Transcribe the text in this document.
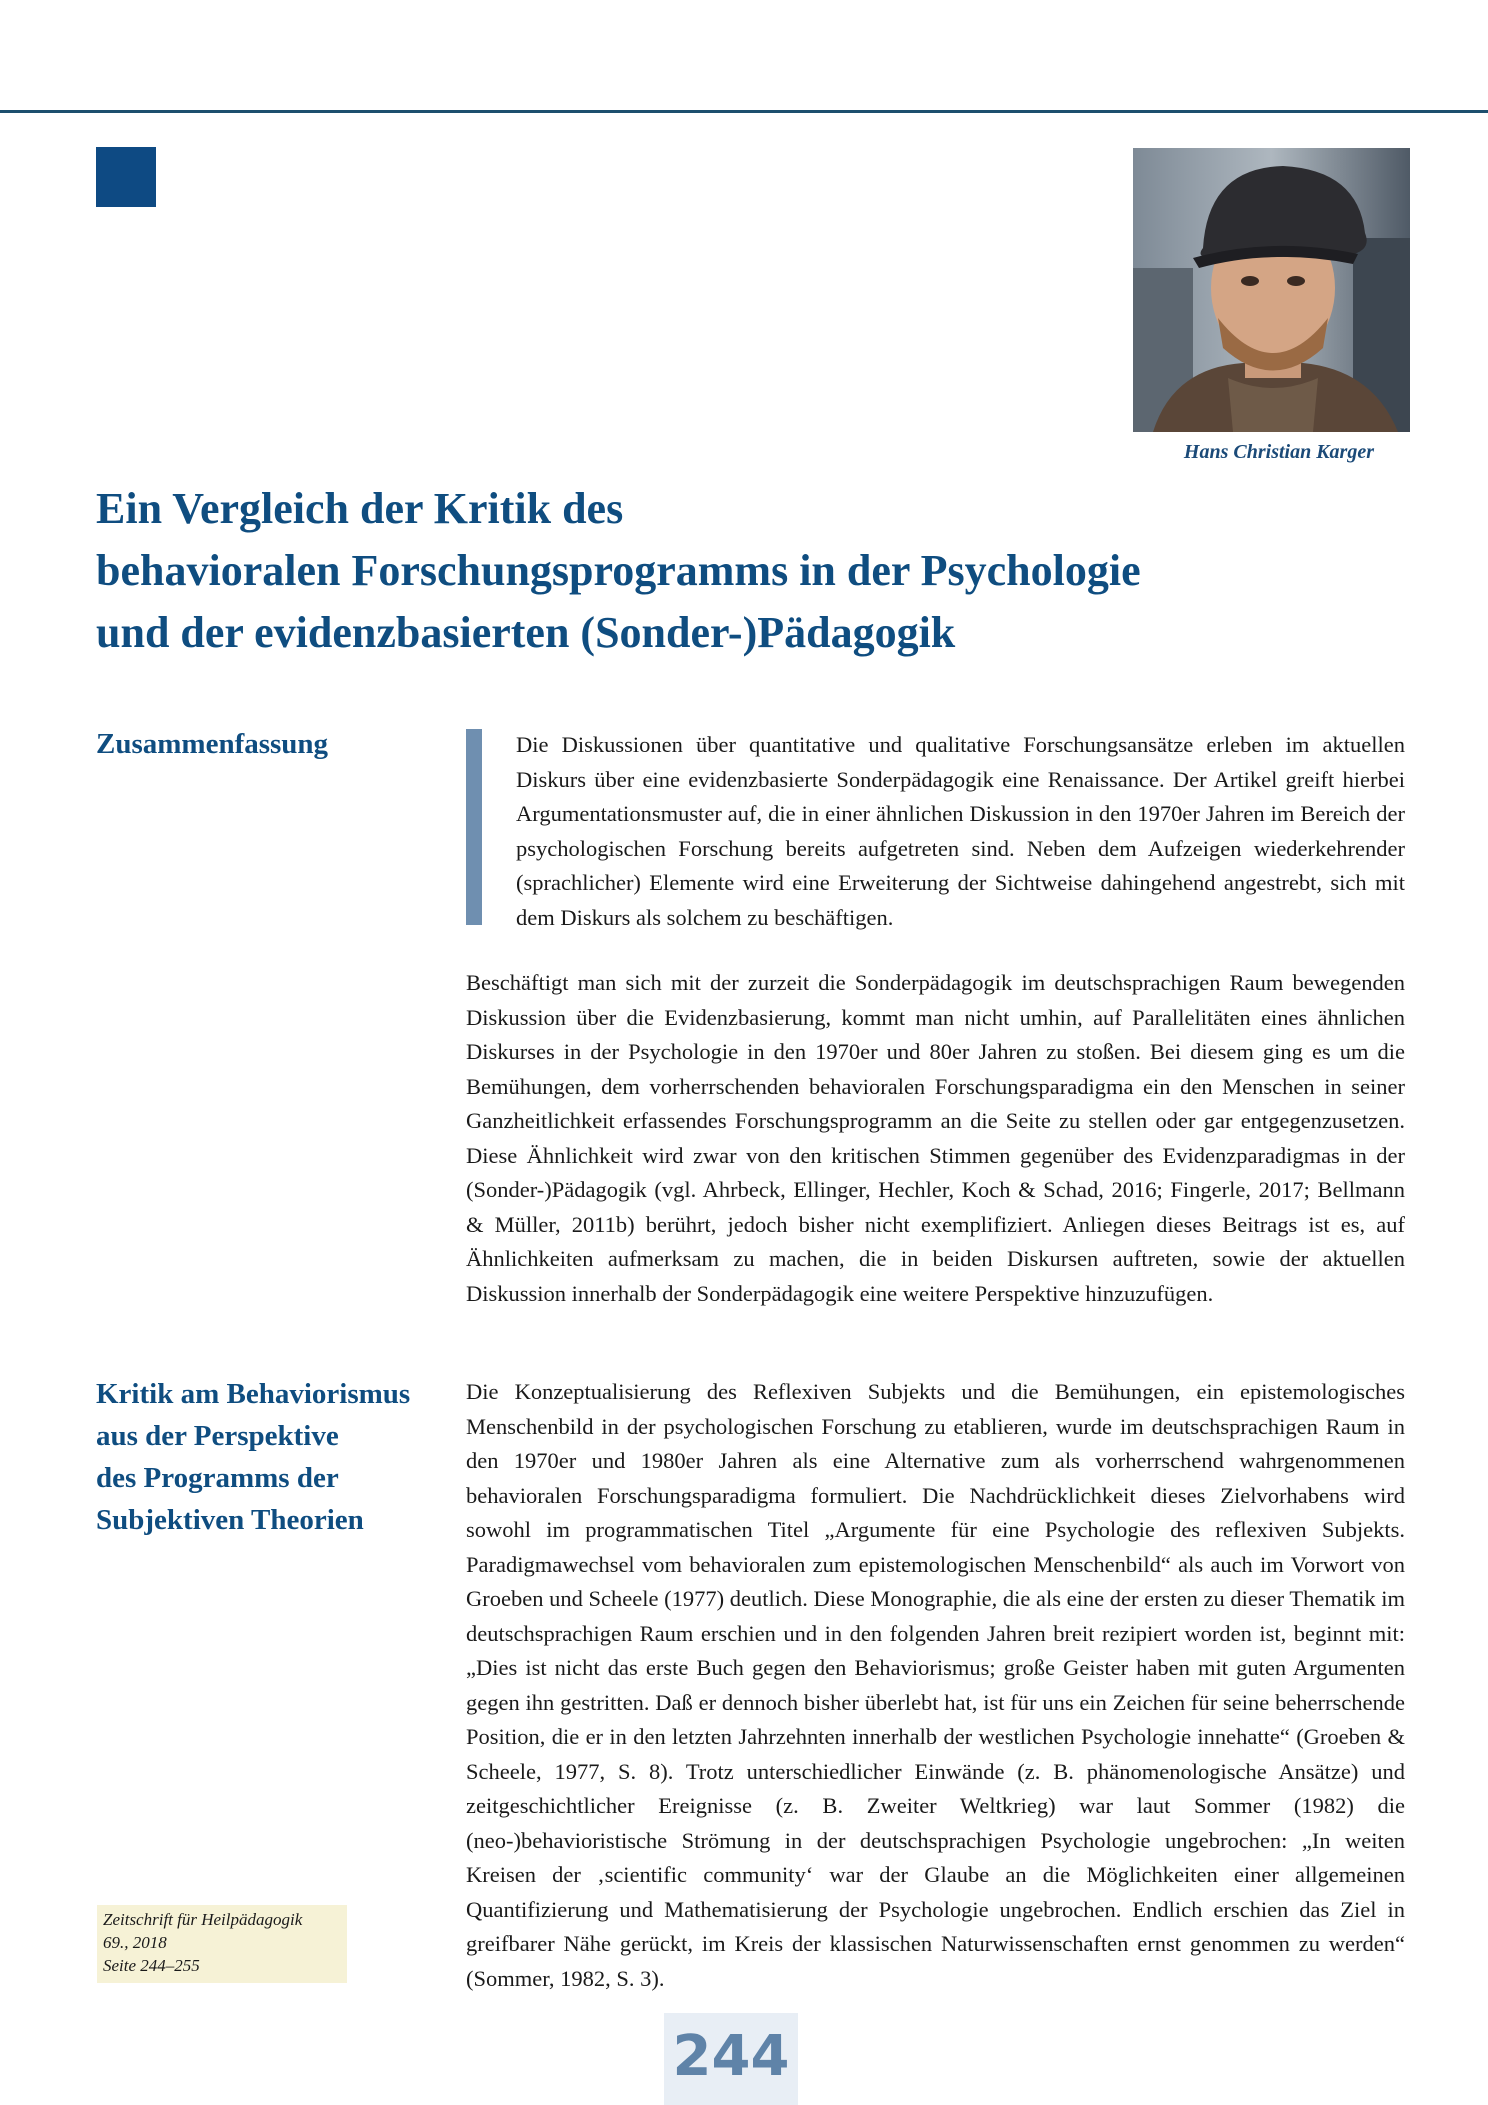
Hans Christian Karger
Ein Vergleich der Kritik des
behavioralen Forschungsprogramms in der Psychologie
und der evidenzbasierten (Sonder-)Pädagogik
Zusammenfassung	Die Diskussionen über quantitative und qualitative Forschungsansätze erleben im aktuellen Diskurs über eine evidenzbasierte Sonderpädagogik eine Renaissance. Der Artikel greift hierbei Argumentationsmuster auf, die in einer ähnlichen Diskussion in den 1970er Jahren im Bereich der psychologischen Forschung bereits aufgetreten sind. Neben dem Aufzeigen wiederkehrender (sprachlicher) Elemente wird eine Erweiterung der Sichtweise dahingehend angestrebt, sich mit dem Diskurs als solchem zu beschäftigen.

Beschäftigt man sich mit der zurzeit die Sonderpädagogik im deutschsprachigen Raum bewegenden Diskussion über die Evidenzbasierung, kommt man nicht umhin, auf Parallelitäten eines ähnlichen Diskurses in der Psychologie in den 1970er und 80er Jahren zu stoßen. Bei diesem ging es um die Bemühungen, dem vorherrschenden behavioralen Forschungsparadigma ein den Menschen in seiner Ganzheitlichkeit erfassendes Forschungsprogramm an die Seite zu stellen oder gar entgegenzusetzen. Diese Ähnlichkeit wird zwar von den kritischen Stimmen gegenüber des Evidenzparadigmas in der (Sonder-)Pädagogik (vgl. Ahrbeck, Ellinger, Hechler, Koch & Schad, 2016; Fingerle, 2017; Bellmann & Müller, 2011b) berührt, jedoch bisher nicht exemplifiziert. Anliegen dieses Beitrags ist es, auf Ähnlichkeiten aufmerksam zu machen, die in beiden Diskursen auftreten, sowie der aktuellen Diskussion innerhalb der Sonderpädagogik eine weitere Perspektive hinzuzufügen.

Kritik am Behaviorismus
aus der Perspektive
des Programms der
Subjektiven Theorien

Die Konzeptualisierung des Reflexiven Subjekts und die Bemühungen, ein epistemologisches Menschenbild in der psychologischen Forschung zu etablieren, wurde im deutschsprachigen Raum in den 1970er und 1980er Jahren als eine Alternative zum als vorherrschend wahrgenommenen behavioralen Forschungsparadigma formuliert. Die Nachdrücklichkeit dieses Zielvorhabens wird sowohl im programmatischen Titel „Argumente für eine Psychologie des reflexiven Subjekts. Paradigmawechsel vom behavioralen zum epistemologischen Menschenbild“ als auch im Vorwort von Groeben und Scheele (1977) deutlich. Diese Monographie, die als eine der ersten zu dieser Thematik im deutschsprachigen Raum erschien und in den folgenden Jahren breit rezipiert worden ist, beginnt mit: „Dies ist nicht das erste Buch gegen den Behaviorismus; große Geister haben mit guten Argumenten gegen ihn gestritten. Daß er dennoch bisher überlebt hat, ist für uns ein Zeichen für seine beherrschende Position, die er in den letzten Jahrzehnten innerhalb der westlichen Psychologie innehatte“ (Groeben & Scheele, 1977, S. 8). Trotz unterschiedlicher Einwände (z. B. phänomenologische Ansätze) und zeitgeschichtlicher Ereignisse (z. B. Zweiter Weltkrieg) war laut Sommer (1982) die (neo-)behavioristische Strömung in der deutschsprachigen Psychologie ungebrochen: „In weiten Kreisen der ‚scientific community‘ war der Glaube an die Möglichkeiten einer allgemeinen Quantifizierung und Mathematisierung der Psychologie ungebrochen. Endlich erschien das Ziel in greifbarer Nähe gerückt, im Kreis der klassischen Naturwissenschaften ernst genommen zu werden“ (Sommer, 1982, S. 3).

Zeitschrift für Heilpädagogik
69., 2018
Seite 244–255
244
